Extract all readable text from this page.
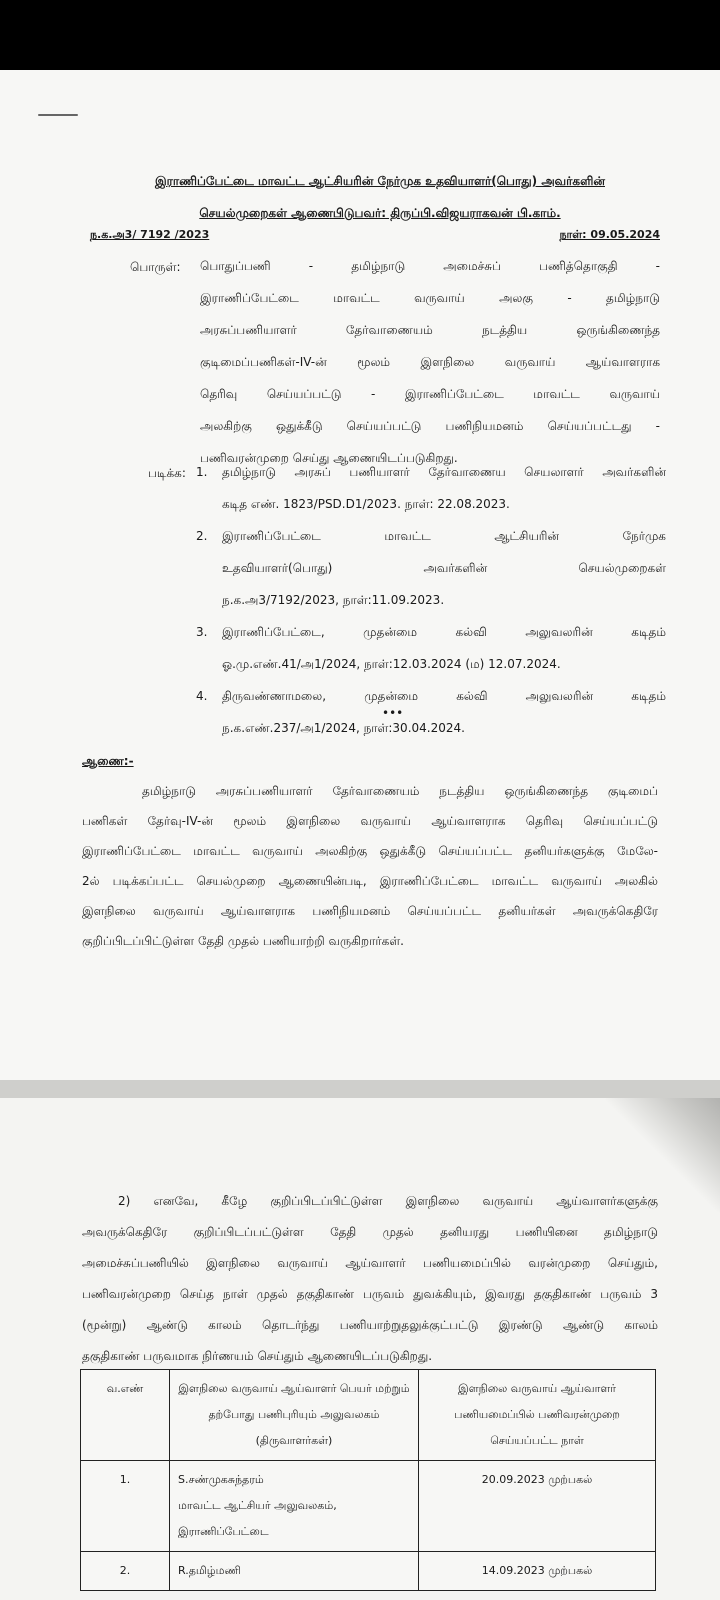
இராணிப்பேட்டை மாவட்ட ஆட்சியரின் நேர்முக உதவியாளர்(பொது) அவர்களின்
செயல்முறைகள் ஆணைபிடுபவர்: திருப்பி.விஜயராகவன் பி.காம்.
ந.க.அ3/ 7192 /2023	நாள்: 09.05.2024
பொருள்: பொதுப்பணி - தமிழ்நாடு அமைச்சுப் பணித்தொகுதி -
இராணிப்பேட்டை மாவட்ட வருவாய் அலகு - தமிழ்நாடு
அரசுப்பணியாளர் தேர்வாணையம் நடத்திய ஒருங்கிணைந்த
குடிமைப்பணிகள்-IV-ன் மூலம் இளநிலை வருவாய் ஆய்வாளராக
தெரிவு செய்யப்பட்டு - இராணிப்பேட்டை மாவட்ட வருவாய்
அலகிற்கு ஒதுக்கீடு செய்யப்பட்டு பணிநியமனம் செய்யப்பட்டது -
பணிவரன்முறை செய்து ஆணையிடப்படுகிறது.
படிக்க: 1.	தமிழ்நாடு அரசுப் பணியாளர் தேர்வாணைய செயலாளர் அவர்களின்
கடித எண். 1823/PSD.D1/2023. நாள்: 22.08.2023.
2.	இராணிப்பேட்டை மாவட்ட ஆட்சியரின் நேர்முக
உதவியாளர்(பொது) அவர்களின் செயல்முறைகள்
ந.க.அ3/7192/2023, நாள்:11.09.2023.
3.	இராணிப்பேட்டை, முதன்மை கல்வி அலுவலரின் கடிதம்
ஓ.மு.எண்.41/அ1/2024, நாள்:12.03.2024 (ம) 12.07.2024.
4.	திருவண்ணாமலை, முதன்மை கல்வி அலுவலரின் கடிதம்
ந.க.எண்.237/அ1/2024, நாள்:30.04.2024.
•••
ஆணை:-
தமிழ்நாடு அரசுப்பணியாளர் தேர்வாணையம் நடத்திய ஒருங்கிணைந்த குடிமைப்
பணிகள் தேர்வு-IV-ன் மூலம் இளநிலை வருவாய் ஆய்வாளராக தெரிவு செய்யப்பட்டு
இராணிப்பேட்டை மாவட்ட வருவாய் அலகிற்கு ஒதுக்கீடு செய்யப்பட்ட தனியர்களுக்கு மேலே-
2ல் படிக்கப்பட்ட செயல்முறை ஆணையின்படி, இராணிப்பேட்டை மாவட்ட வருவாய் அலகில்
இளநிலை வருவாய் ஆய்வாளராக பணிநியமனம் செய்யப்பட்ட தனியர்கள் அவருக்கெதிரே
குறிப்பிடப்பிட்டுள்ள தேதி முதல் பணியாற்றி வருகிறார்கள்.
2) எனவே, கீழே குறிப்பிடப்பிட்டுள்ள இளநிலை வருவாய் ஆய்வாளர்களுக்கு
அவருக்கெதிரே குறிப்பிடப்பட்டுள்ள தேதி முதல் தனியரது பணியினை தமிழ்நாடு
அமைச்சுப்பணியில் இளநிலை வருவாய் ஆய்வாளர் பணியமைப்பில் வரன்முறை செய்தும்,
பணிவரன்முறை செய்த நாள் முதல் தகுதிகாண் பருவம் துவக்கியும், இவரது தகுதிகாண் பருவம் 3
(மூன்று) ஆண்டு காலம் தொடர்ந்து பணியாற்றுதலுக்குட்பட்டு இரண்டு ஆண்டு காலம்
தகுதிகாண் பருவமாக நிர்ணயம் செய்தும் ஆணையிடப்படுகிறது.
வ.எண்	இளநிலை வருவாய் ஆய்வாளர் பெயர் மற்றும் தற்போது பணிபுரியும் அலுவலகம் (திருவாளர்கள்)	இளநிலை வருவாய் ஆய்வாளர் பணியமைப்பில் பணிவரன்முறை செய்யப்பட்ட நாள்
1.	S.சண்முகசுந்தரம்
மாவட்ட ஆட்சியர் அலுவலகம், இராணிப்பேட்டை	20.09.2023 முற்பகல்
2.	R.தமிழ்மணி	14.09.2023 முற்பகல்
